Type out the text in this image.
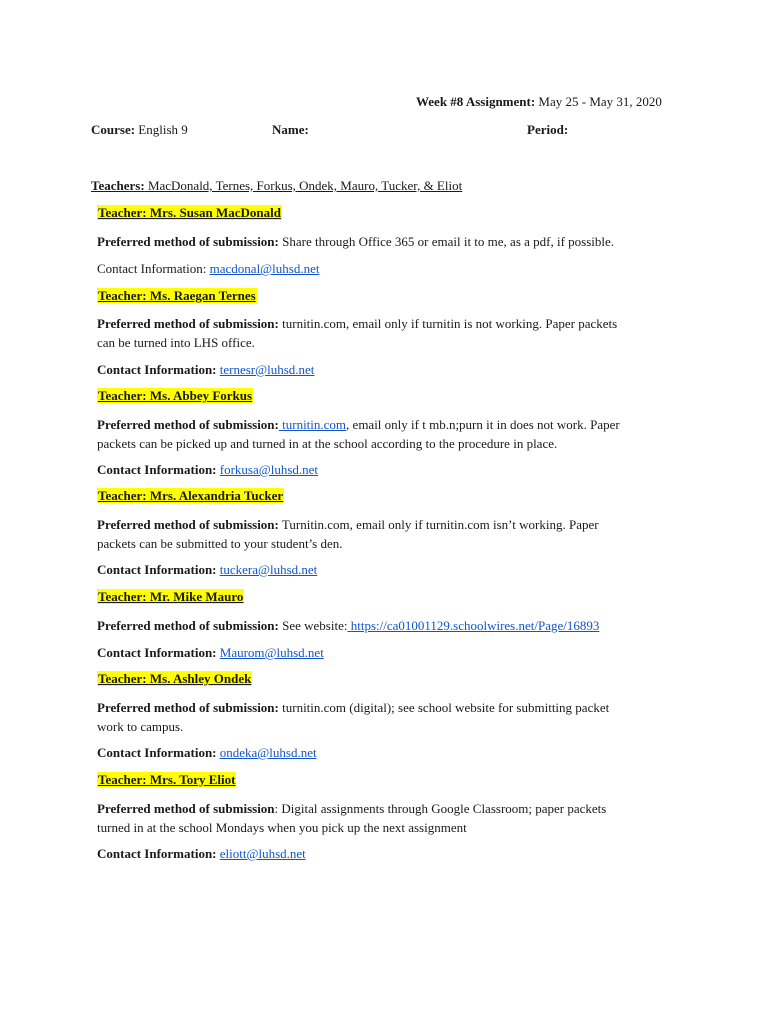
Week #8 Assignment: May 25 - May 31, 2020
Course: English 9	Name:	Period:
Teachers: MacDonald, Ternes, Forkus, Ondek, Mauro, Tucker, & Eliot
Teacher: Mrs. Susan MacDonald
Preferred method of submission: Share through Office 365 or email it to me, as a pdf, if possible.
Contact Information: macdonal@luhsd.net
Teacher: Ms. Raegan Ternes
Preferred method of submission: turnitin.com, email only if turnitin is not working. Paper packets
can be turned into LHS office.
Contact Information: ternesr@luhsd.net
Teacher: Ms. Abbey Forkus
Preferred method of submission: turnitin.com, email only if t mb.n;purn it in does not work. Paper
packets can be picked up and turned in at the school according to the procedure in place.
Contact Information: forkusa@luhsd.net
Teacher: Mrs. Alexandria Tucker
Preferred method of submission: Turnitin.com, email only if turnitin.com isn’t working. Paper
packets can be submitted to your student’s den.
Contact Information: tuckera@luhsd.net
Teacher: Mr. Mike Mauro
Preferred method of submission: See website: https://ca01001129.schoolwires.net/Page/16893
Contact Information: Maurom@luhsd.net
Teacher: Ms. Ashley Ondek
Preferred method of submission: turnitin.com (digital); see school website for submitting packet
work to campus.
Contact Information: ondeka@luhsd.net
Teacher: Mrs. Tory Eliot
Preferred method of submission: Digital assignments through Google Classroom; paper packets
turned in at the school Mondays when you pick up the next assignment
Contact Information: eliott@luhsd.net
